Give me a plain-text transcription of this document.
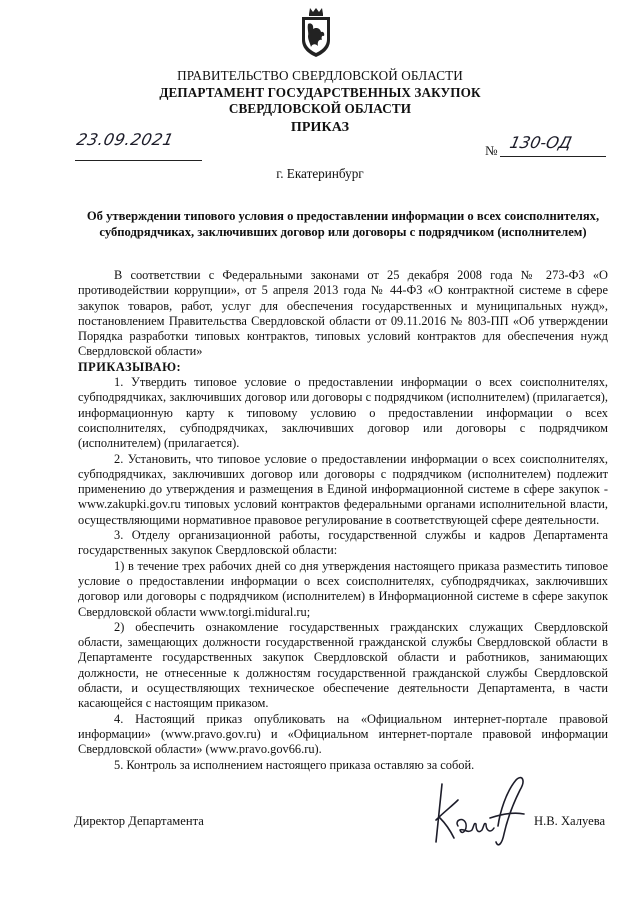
ПРАВИТЕЛЬСТВО СВЕРДЛОВСКОЙ ОБЛАСТИ
ДЕПАРТАМЕНТ ГОСУДАРСТВЕННЫХ ЗАКУПОК
СВЕРДЛОВСКОЙ ОБЛАСТИ
ПРИКАЗ
23.09.2021
№ 130-ОД
г. Екатеринбург
Об утверждении типового условия о предоставлении информации о всех соисполнителях, субподрядчиках, заключивших договор или договоры с подрядчиком (исполнителем)

В соответствии с Федеральными законами от 25 декабря 2008 года № 273-ФЗ «О противодействии коррупции», от 5 апреля 2013 года № 44-ФЗ «О контрактной системе в сфере закупок товаров, работ, услуг для обеспечения государственных и муниципальных нужд», постановлением Правительства Свердловской области от 09.11.2016 № 803-ПП «Об утверждении Порядка разработки типовых контрактов, типовых условий контрактов для обеспечения нужд Свердловской области»

ПРИКАЗЫВАЮ:

1. Утвердить типовое условие о предоставлении информации о всех соисполнителях, субподрядчиках, заключивших договор или договоры с подрядчиком (исполнителем) (прилагается), информационную карту к типовому условию о предоставлении информации о всех соисполнителях, субподрядчиках, заключивших договор или договоры с подрядчиком (исполнителем) (прилагается).

2. Установить, что типовое условие о предоставлении информации о всех соисполнителях, субподрядчиках, заключивших договор или договоры с подрядчиком (исполнителем) подлежит применению до утверждения и размещения в Единой информационной системе в сфере закупок - www.zakupki.gov.ru типовых условий контрактов федеральными органами исполнительной власти, осуществляющими нормативное правовое регулирование в соответствующей сфере деятельности.

3. Отделу организационной работы, государственной службы и кадров Департамента государственных закупок Свердловской области:

1) в течение трех рабочих дней со дня утверждения настоящего приказа разместить типовое условие о предоставлении информации о всех соисполнителях, субподрядчиках, заключивших договор или договоры с подрядчиком (исполнителем) в Информационной системе в сфере закупок Свердловской области www.torgi.midural.ru;

2) обеспечить ознакомление государственных гражданских служащих Свердловской области, замещающих должности государственной гражданской службы Свердловской области в Департаменте государственных закупок Свердловской области и работников, занимающих должности, не отнесенные к должностям государственной гражданской службы Свердловской области, и осуществляющих техническое обеспечение деятельности Департамента, в части касающейся с настоящим приказом.

4. Настоящий приказ опубликовать на «Официальном интернет-портале правовой информации» (www.pravo.gov.ru) и «Официальном интернет-портале правовой информации Свердловской области» (www.pravo.gov66.ru).

5. Контроль за исполнением настоящего приказа оставляю за собой.

Директор Департамента	Н.В. Халуева
